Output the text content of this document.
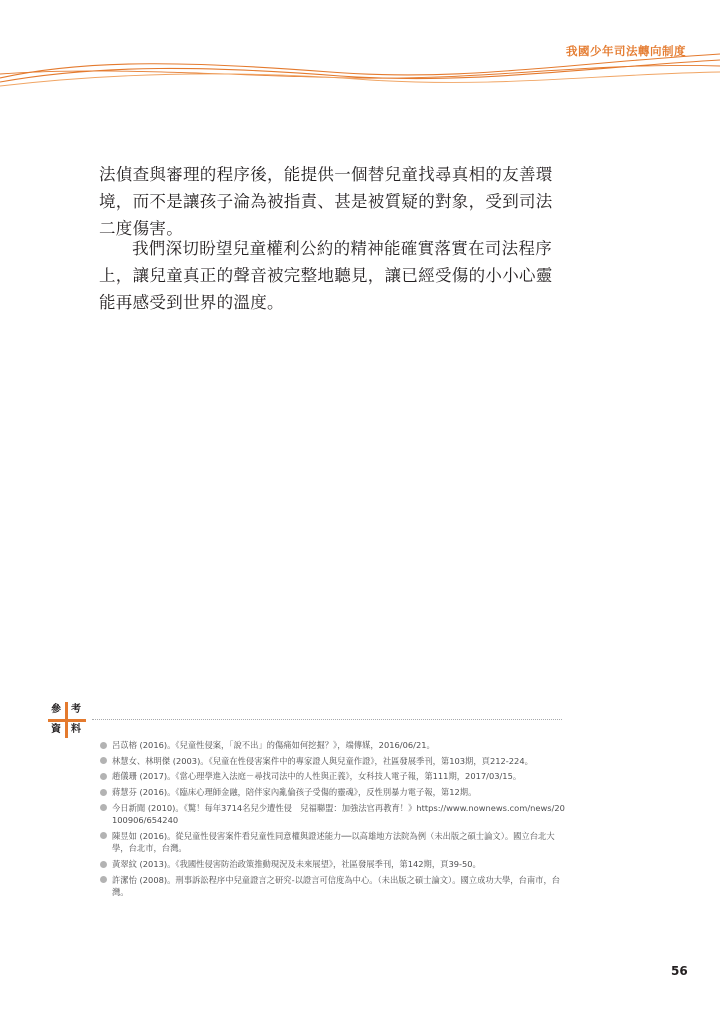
我國少年司法轉向制度

法偵查與審理的程序後，能提供一個替兒童找尋真相的友善環境，而不是讓孩子淪為被指責、甚是被質疑的對象，受到司法二度傷害。

我們深切盼望兒童權利公約的精神能確實落實在司法程序上，讓兒童真正的聲音被完整地聽見，讓已經受傷的小小心靈能再感受到世界的溫度。

參 考
資 料
呂苡榕 (2016)。《兒童性侵案，「說不出」的傷痛如何挖掘？》，端傳媒，2016/06/21。
林慧女、林明傑 (2003)。《兒童在性侵害案件中的專家證人與兒童作證》，社區發展季刊，第103期，頁212-224。
趙儀珊 (2017)。《當心理學進入法庭－尋找司法中的人性與正義》，女科技人電子報，第111期，2017/03/15。
蔣慧芬 (2016)。《臨床心理師金融，陪伴家內亂倫孩子受傷的靈魂》，反性別暴力電子報，第12期。
今日新聞 (2010)。《驚！每年3714名兒少遭性侵　兒福聯盟：加強法官再教育！》https://www.nownews.com/news/20100906/654240
陳昱如 (2016)。從兒童性侵害案件看兒童性同意權與證述能力──以高雄地方法院為例（未出版之碩士論文）。國立台北大學，台北市，台灣。
黃翠紋 (2013)。《我國性侵害防治政策推動現況及未來展望》，社區發展季刊，第142期，頁39-50。
許潔怡 (2008)。刑事訴訟程序中兒童證言之研究-以證言可信度為中心。（未出版之碩士論文）。國立成功大學，台南市，台灣。
56
